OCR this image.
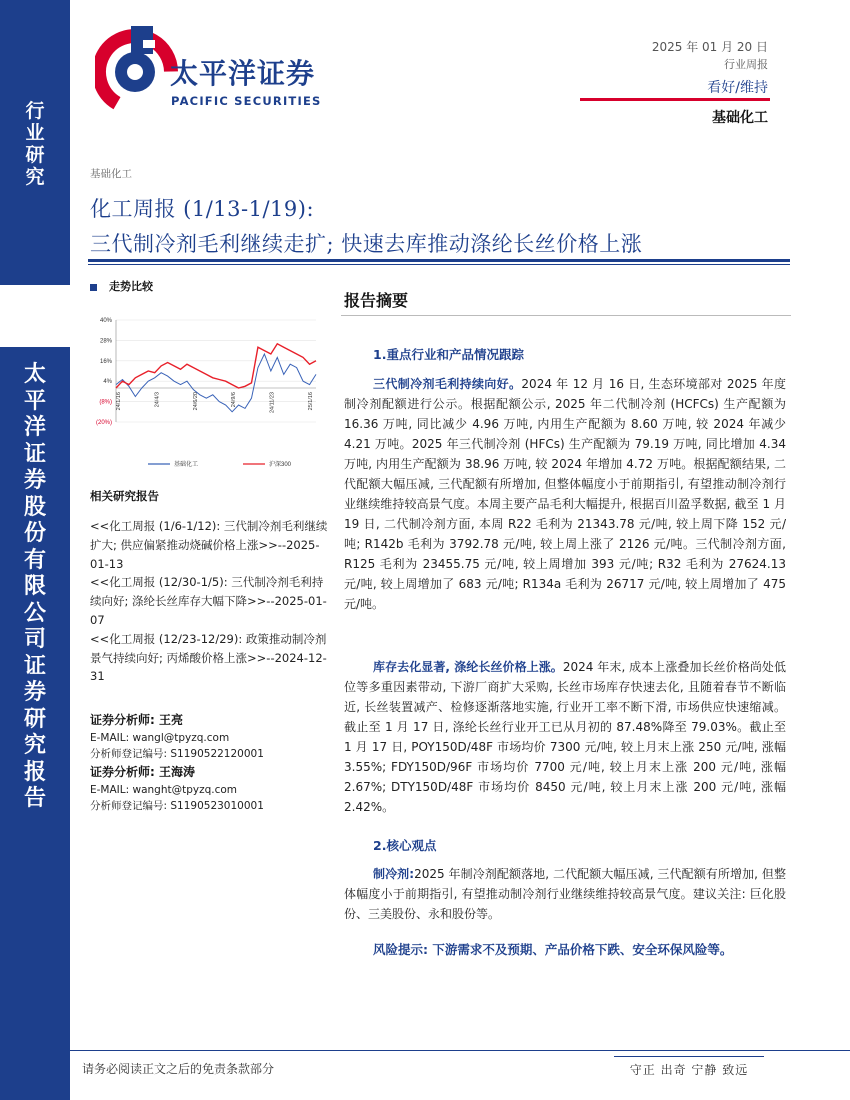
行
业
研
究
太
平
洋
证
券
股
份
有
限
公
司
证
券
研
究
报
告
太平洋证券
PACIFIC SECURITIES
2025 年 01 月 20 日
行业周报
看好/维持
基础化工
基础化工
化工周报 (1/13-1/19):
三代制冷剂毛利继续走扩; 快速去库推动涤纶长丝价格上涨
走势比较
40%
28%
16%
4%
(8%)
(20%)
24/1/16	24/4/3	24/6/20	24/9/6	24/11/23	25/1/16
基础化工	沪深300
相关研究报告
<<化工周报 (1/6-1/12): 三代制冷剂毛利继续扩大; 供应偏紧推动烧碱价格上涨>>--2025-01-13
<<化工周报 (12/30-1/5): 三代制冷剂毛利持续向好; 涤纶长丝库存大幅下降>>--2025-01-07
<<化工周报 (12/23-12/29): 政策推动制冷剂景气持续向好; 丙烯酸价格上涨>>--2024-12-31
证券分析师: 王亮
E-MAIL: wangl@tpyzq.com
分析师登记编号: S1190522120001
证券分析师: 王海涛
E-MAIL: wanght@tpyzq.com
分析师登记编号: S1190523010001
报告摘要
1.重点行业和产品情况跟踪
三代制冷剂毛利持续向好。2024 年 12 月 16 日, 生态环境部对 2025 年度制冷剂配额进行公示。根据配额公示, 2025 年二代制冷剂 (HCFCs) 生产配额为 16.36 万吨, 同比减少 4.96 万吨, 内用生产配额为 8.60 万吨, 较 2024 年减少 4.21 万吨。2025 年三代制冷剂 (HFCs) 生产配额为 79.19 万吨, 同比增加 4.34 万吨, 内用生产配额为 38.96 万吨, 较 2024 年增加 4.72 万吨。根据配额结果, 二代配额大幅压减, 三代配额有所增加, 但整体幅度小于前期指引, 有望推动制冷剂行业继续维持较高景气度。本周主要产品毛利大幅提升, 根据百川盈孚数据, 截至 1 月 19 日, 二代制冷剂方面, 本周 R22 毛利为 21343.78 元/吨, 较上周下降 152 元/吨; R142b 毛利为 3792.78 元/吨, 较上周上涨了 2126 元/吨。三代制冷剂方面, R125 毛利为 23455.75 元/吨, 较上周增加 393 元/吨; R32 毛利为 27624.13 元/吨, 较上周增加了 683 元/吨; R134a 毛利为 26717 元/吨, 较上周增加了 475 元/吨。
库存去化显著, 涤纶长丝价格上涨。2024 年末, 成本上涨叠加长丝价格尚处低位等多重因素带动, 下游厂商扩大采购, 长丝市场库存快速去化, 且随着春节不断临近, 长丝装置减产、检修逐渐落地实施, 行业开工率不断下滑, 市场供应快速缩减。截止至 1 月 17 日, 涤纶长丝行业开工已从月初的 87.48%降至 79.03%。截止至 1 月 17 日, POY150D/48F 市场均价 7300 元/吨, 较上月末上涨 250 元/吨, 涨幅 3.55%; FDY150D/96F 市场均价 7700 元/吨, 较上月末上涨 200 元/吨, 涨幅 2.67%; DTY150D/48F 市场均价 8450 元/吨, 较上月末上涨 200 元/吨, 涨幅 2.42%。
2.核心观点
制冷剂:2025 年制冷剂配额落地, 二代配额大幅压减, 三代配额有所增加, 但整体幅度小于前期指引, 有望推动制冷剂行业继续维持较高景气度。建议关注: 巨化股份、三美股份、永和股份等。
风险提示: 下游需求不及预期、产品价格下跌、安全环保风险等。
请务必阅读正文之后的免责条款部分	守正 出奇 宁静 致远
